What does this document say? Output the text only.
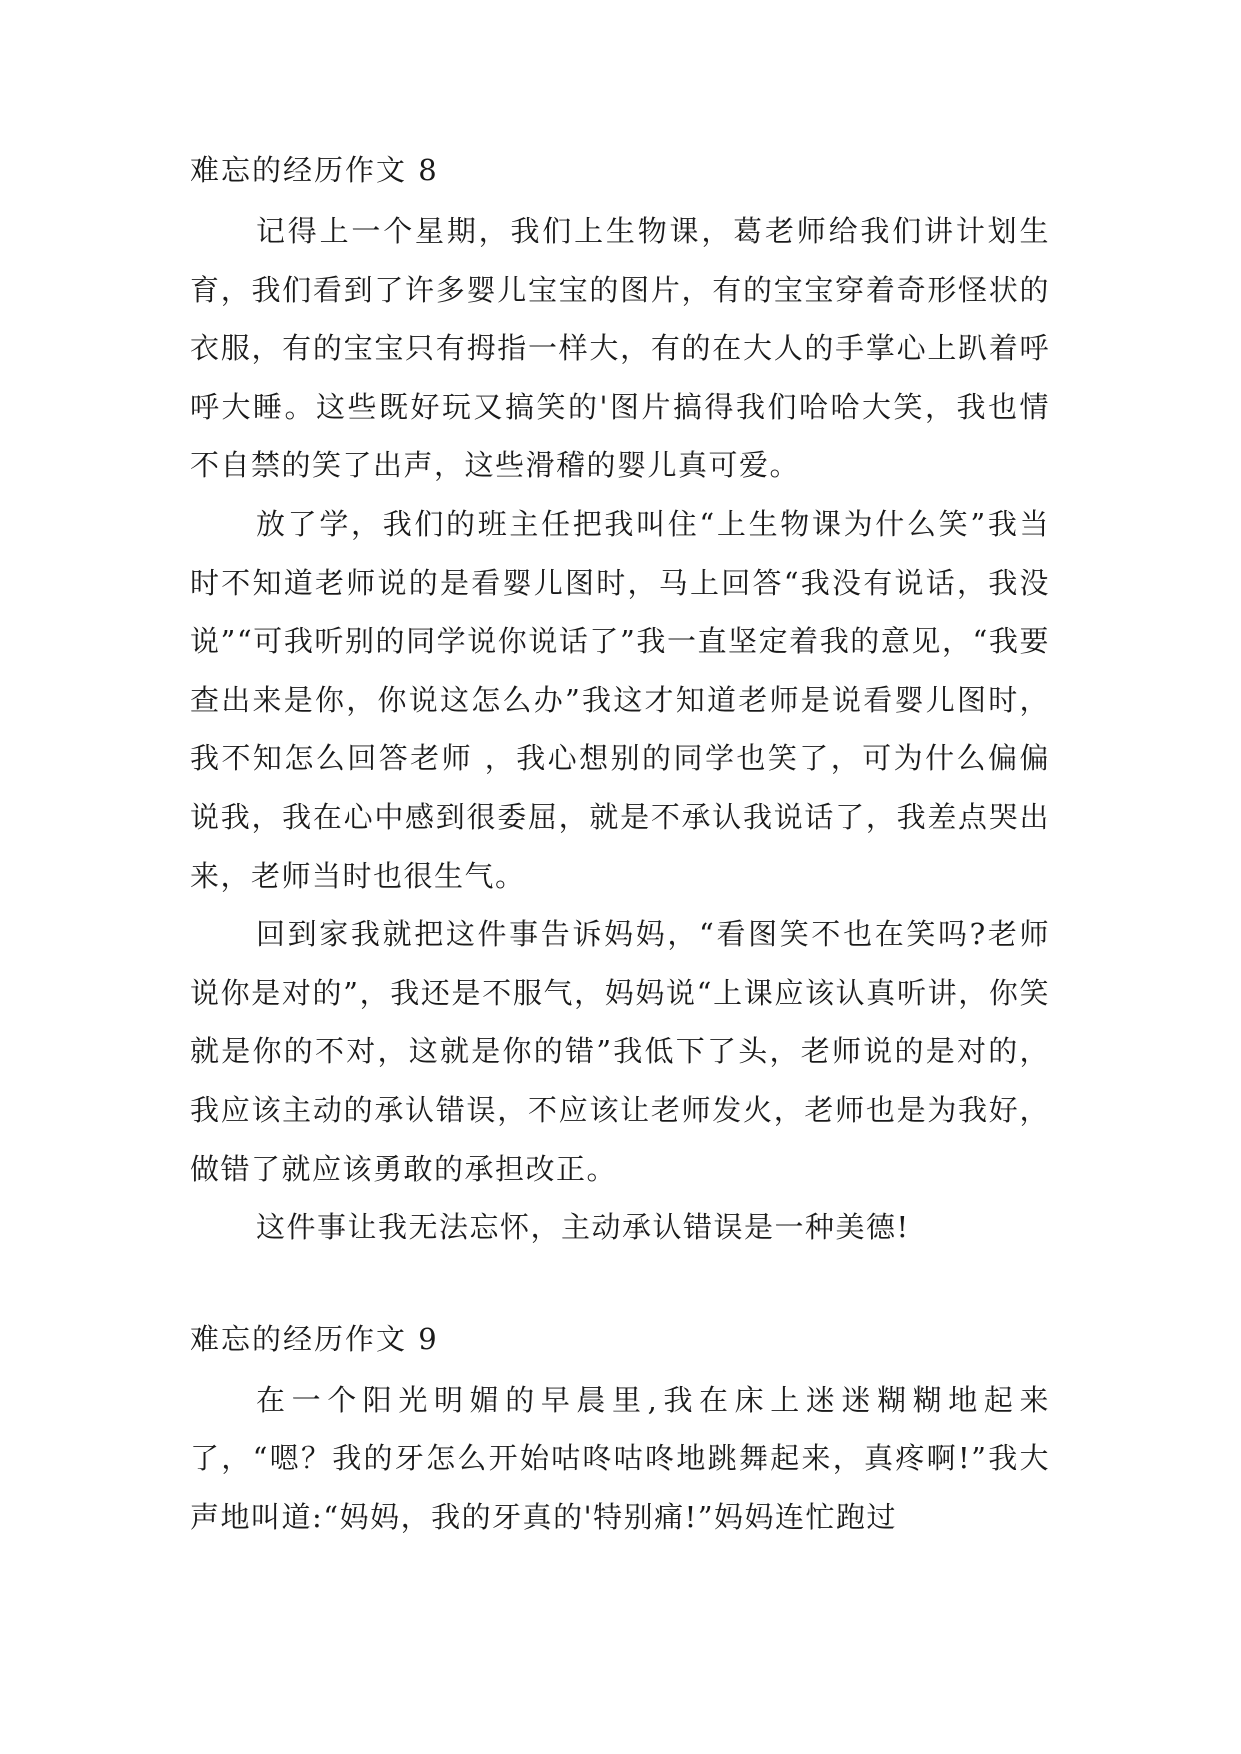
难忘的经历作文 8

记得上一个星期，我们上生物课，葛老师给我们讲计划生育，我们看到了许多婴儿宝宝的图片，有的宝宝穿着奇形怪状的衣服，有的宝宝只有拇指一样大，有的在大人的手掌心上趴着呼呼大睡。这些既好玩又搞笑的'图片搞得我们哈哈大笑，我也情不自禁的笑了出声，这些滑稽的婴儿真可爱。

放了学，我们的班主任把我叫住“上生物课为什么笑”我当时不知道老师说的是看婴儿图时，马上回答“我没有说话，我没说”“可我听别的同学说你说话了”我一直坚定着我的意见，“我要查出来是你，你说这怎么办”我这才知道老师是说看婴儿图时，我不知怎么回答老师 ，我心想别的同学也笑了，可为什么偏偏说我，我在心中感到很委屈，就是不承认我说话了，我差点哭出来，老师当时也很生气。

回到家我就把这件事告诉妈妈，“看图笑不也在笑吗?老师说你是对的”，我还是不服气，妈妈说“上课应该认真听讲，你笑就是你的不对，这就是你的错”我低下了头，老师说的是对的，我应该主动的承认错误，不应该让老师发火，老师也是为我好，做错了就应该勇敢的承担改正。

这件事让我无法忘怀，主动承认错误是一种美德!

难忘的经历作文 9

在一个阳光明媚的早晨里,我在床上迷迷糊糊地起来了，“嗯？我的牙怎么开始咕咚咕咚地跳舞起来，真疼啊!”我大声地叫道:“妈妈，我的牙真的'特别痛!”妈妈连忙跑过
